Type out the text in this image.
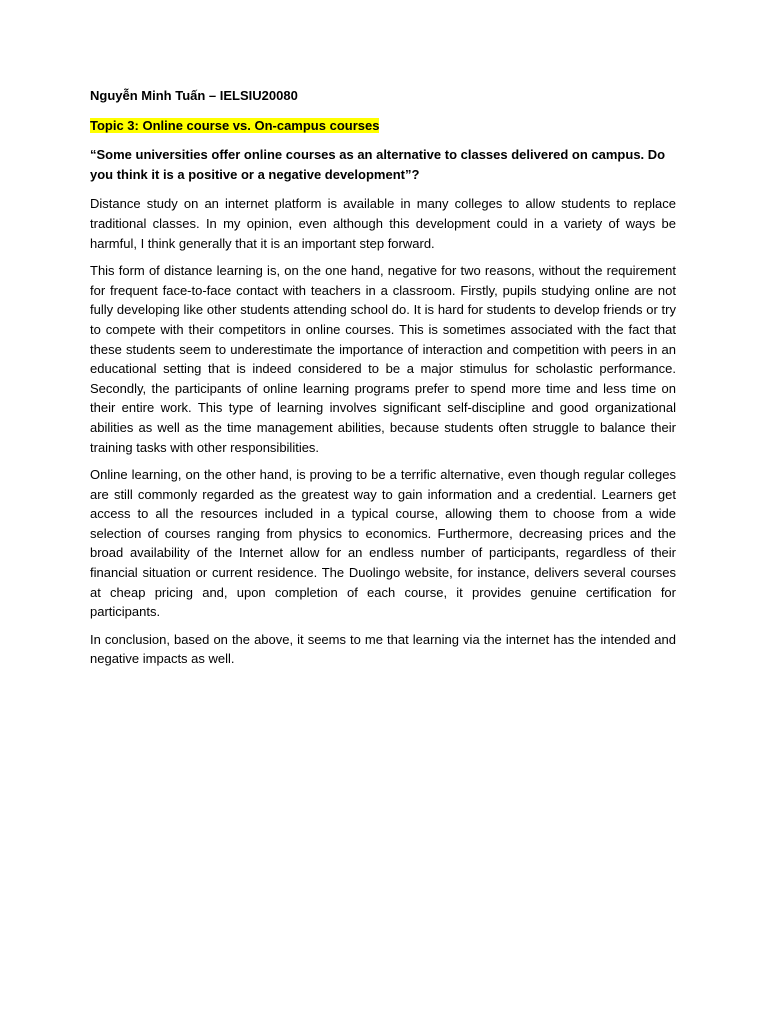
Nguyễn Minh Tuấn – IELSIU20080

Topic 3: Online course vs. On-campus courses

“Some universities offer online courses as an alternative to classes delivered on campus. Do you think it is a positive or a negative development”?

Distance study on an internet platform is available in many colleges to allow students to replace traditional classes. In my opinion, even although this development could in a variety of ways be harmful, I think generally that it is an important step forward.

This form of distance learning is, on the one hand, negative for two reasons, without the requirement for frequent face-to-face contact with teachers in a classroom. Firstly, pupils studying online are not fully developing like other students attending school do. It is hard for students to develop friends or try to compete with their competitors in online courses. This is sometimes associated with the fact that these students seem to underestimate the importance of interaction and competition with peers in an educational setting that is indeed considered to be a major stimulus for scholastic performance. Secondly, the participants of online learning programs prefer to spend more time and less time on their entire work. This type of learning involves significant self-discipline and good organizational abilities as well as the time management abilities, because students often struggle to balance their training tasks with other responsibilities.

Online learning, on the other hand, is proving to be a terrific alternative, even though regular colleges are still commonly regarded as the greatest way to gain information and a credential. Learners get access to all the resources included in a typical course, allowing them to choose from a wide selection of courses ranging from physics to economics. Furthermore, decreasing prices and the broad availability of the Internet allow for an endless number of participants, regardless of their financial situation or current residence. The Duolingo website, for instance, delivers several courses at cheap pricing and, upon completion of each course, it provides genuine certification for participants.

In conclusion, based on the above, it seems to me that learning via the internet has the intended and negative impacts as well.
